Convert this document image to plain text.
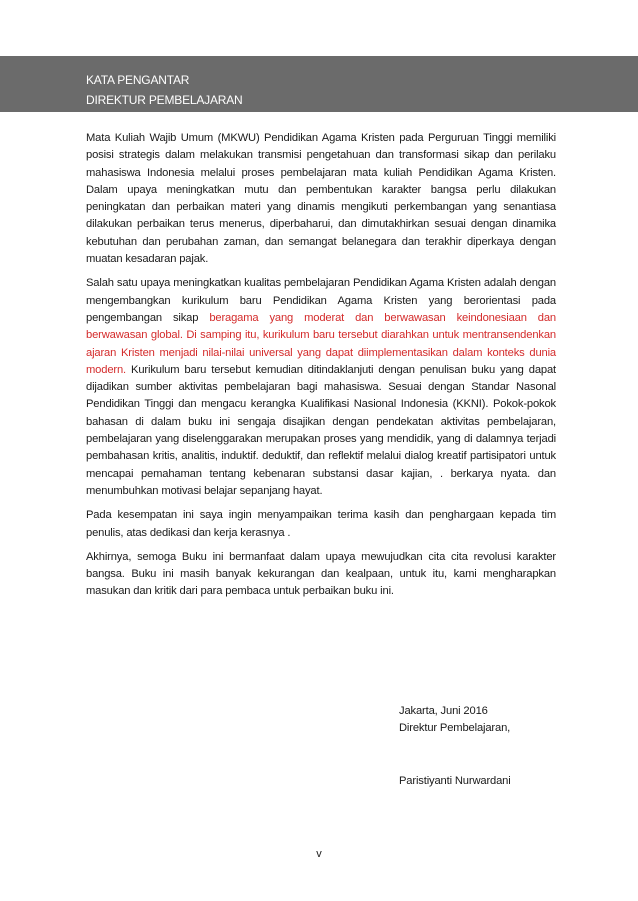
KATA PENGANTAR
DIREKTUR PEMBELAJARAN

Mata Kuliah Wajib Umum (MKWU) Pendidikan Agama Kristen pada Perguruan Tinggi memiliki posisi strategis dalam melakukan transmisi pengetahuan dan transformasi sikap dan perilaku mahasiswa Indonesia melalui proses pembelajaran mata kuliah Pendidikan Agama Kristen. Dalam upaya meningkatkan mutu dan pembentukan karakter bangsa perlu dilakukan peningkatan dan perbaikan materi yang dinamis mengikuti perkembangan yang senantiasa dilakukan perbaikan terus menerus, diperbaharui, dan dimutakhirkan sesuai dengan dinamika kebutuhan dan perubahan zaman, dan semangat belanegara dan terakhir diperkaya dengan muatan kesadaran pajak.

Salah satu upaya meningkatkan kualitas pembelajaran Pendidikan Agama Kristen adalah dengan mengembangkan kurikulum baru Pendidikan Agama Kristen yang berorientasi pada pengembangan sikap beragama yang moderat dan berwawasan keindonesiaan dan berwawasan global. Di samping itu, kurikulum baru tersebut diarahkan untuk mentransendenkan ajaran Kristen menjadi nilai-nilai universal yang dapat diimplementasikan dalam konteks dunia modern. Kurikulum baru tersebut kemudian ditindaklanjuti dengan penulisan buku yang dapat dijadikan sumber aktivitas pembelajaran bagi mahasiswa. Sesuai dengan Standar Nasonal Pendidikan Tinggi dan mengacu kerangka Kualifikasi Nasional Indonesia (KKNI). Pokok-pokok bahasan di dalam buku ini sengaja disajikan dengan pendekatan aktivitas pembelajaran, pembelajaran yang diselenggarakan merupakan proses yang mendidik, yang di dalamnya terjadi pembahasan kritis, analitis, induktif. deduktif, dan reflektif melalui dialog kreatif partisipatori untuk mencapai pemahaman tentang kebenaran substansi dasar kajian, . berkarya nyata. dan menumbuhkan motivasi belajar sepanjang hayat.

Pada kesempatan ini saya ingin menyampaikan terima kasih dan penghargaan kepada tim penulis, atas dedikasi dan kerja kerasnya .

Akhirnya, semoga Buku ini bermanfaat dalam upaya mewujudkan cita cita revolusi karakter bangsa. Buku ini masih banyak kekurangan dan kealpaan, untuk itu, kami mengharapkan masukan dan kritik dari para pembaca untuk perbaikan buku ini.

Jakarta, Juni 2016
Direktur Pembelajaran,
Paristiyanti Nurwardani
v
